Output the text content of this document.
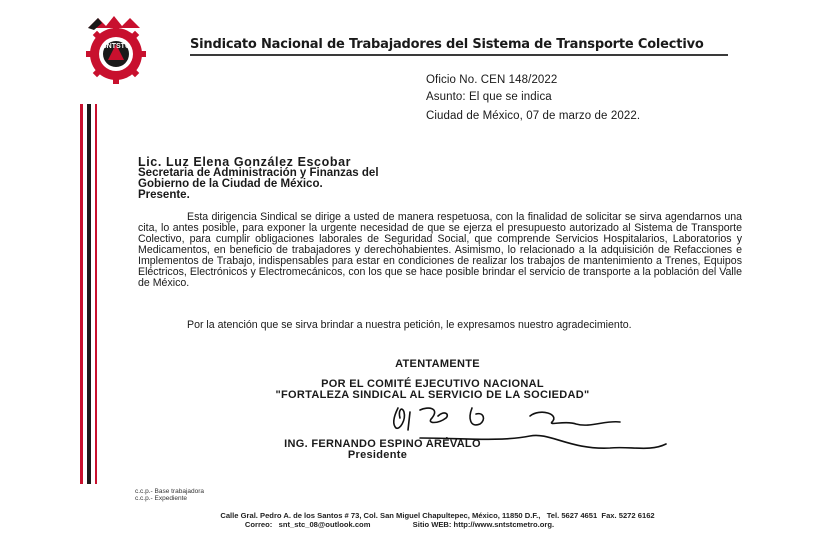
SNTSTC	Sindicato Nacional de Trabajadores del Sistema de Transporte Colectivo
Oficio No. CEN 148/2022
Asunto: El que se indica
Ciudad de México, 07 de marzo de 2022.
Lic. Luz Elena González Escobar
Secretaria de Administración y Finanzas del
Gobierno de la Ciudad de México.
Presente.
Esta dirigencia Sindical se dirige a usted de manera respetuosa, con la finalidad de solicitar se sirva agendarnos una cita, lo antes posible, para exponer la urgente necesidad de que se ejerza el presupuesto autorizado al Sistema de Transporte Colectivo, para cumplir obligaciones laborales de Seguridad Social, que comprende Servicios Hospitalarios, Laboratorios y Medicamentos, en beneficio de trabajadores y derechohabientes. Asimismo, lo relacionado a la adquisición de Refacciones e Implementos de Trabajo, indispensables para estar en condiciones de realizar los trabajos de mantenimiento a Trenes, Equipos Eléctricos, Electrónicos y Electromecánicos, con los que se hace posible brindar el servicio de transporte a la población del Valle de México.
Por la atención que se sirva brindar a nuestra petición, le expresamos nuestro agradecimiento.
ATENTAMENTE
POR EL COMITÉ EJECUTIVO NACIONAL
"FORTALEZA SINDICAL AL SERVICIO DE LA SOCIEDAD"
ING. FERNANDO ESPINO ARÉVALO
Presidente
c.c.p.- Base trabajadora
c.c.p.- Expediente
Calle Gral. Pedro A. de los Santos # 73, Col. San Miguel Chapultepec, México, 11850 D.F.,   Tel. 5627 4651  Fax. 5272 6162
Correo:   snt_stc_08@outlook.com                    Sitio WEB: http://www.sntstcmetro.org.
